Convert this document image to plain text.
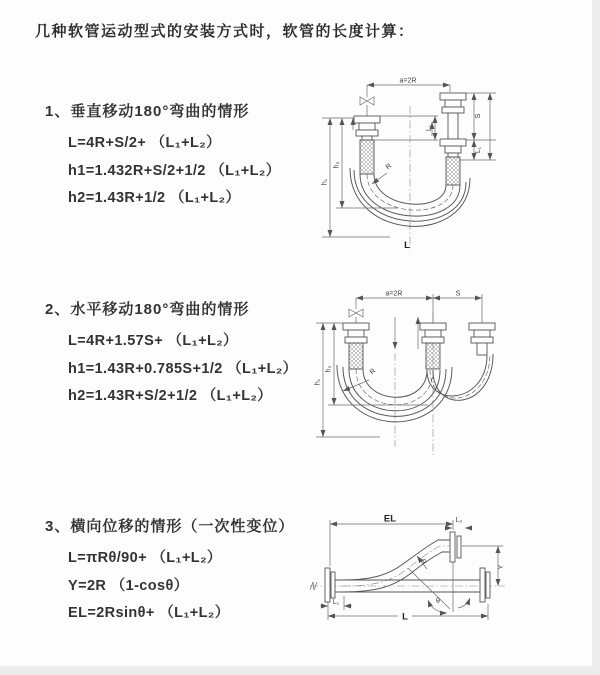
几种软管运动型式的安装方式时，软管的长度计算：
1、垂直移动180°弯曲的情形
L=4R+S/2+ （L₁+L₂）
h1=1.432R+S/2+1/2 （L₁+L₂）
h2=1.43R+1/2 （L₁+L₂）
a=2R
L₁
h₁
h₂
S
L₁
R
L
2、水平移动180°弯曲的情形
L=4R+1.57S+ （L₁+L₂）
h1=1.43R+0.785S+1/2 （L₁+L₂）
h2=1.43R+S/2+1/2 （L₁+L₂）
a=2R	S
h₁
h₂	R
3、横向位移的情形（一次性变位）
L=πRθ/90+ （L₁+L₂）
Y=2R （1-cosθ）
EL=2Rsinθ+ （L₁+L₂）
EL	L₂
R
θ
Y
L₁
L
